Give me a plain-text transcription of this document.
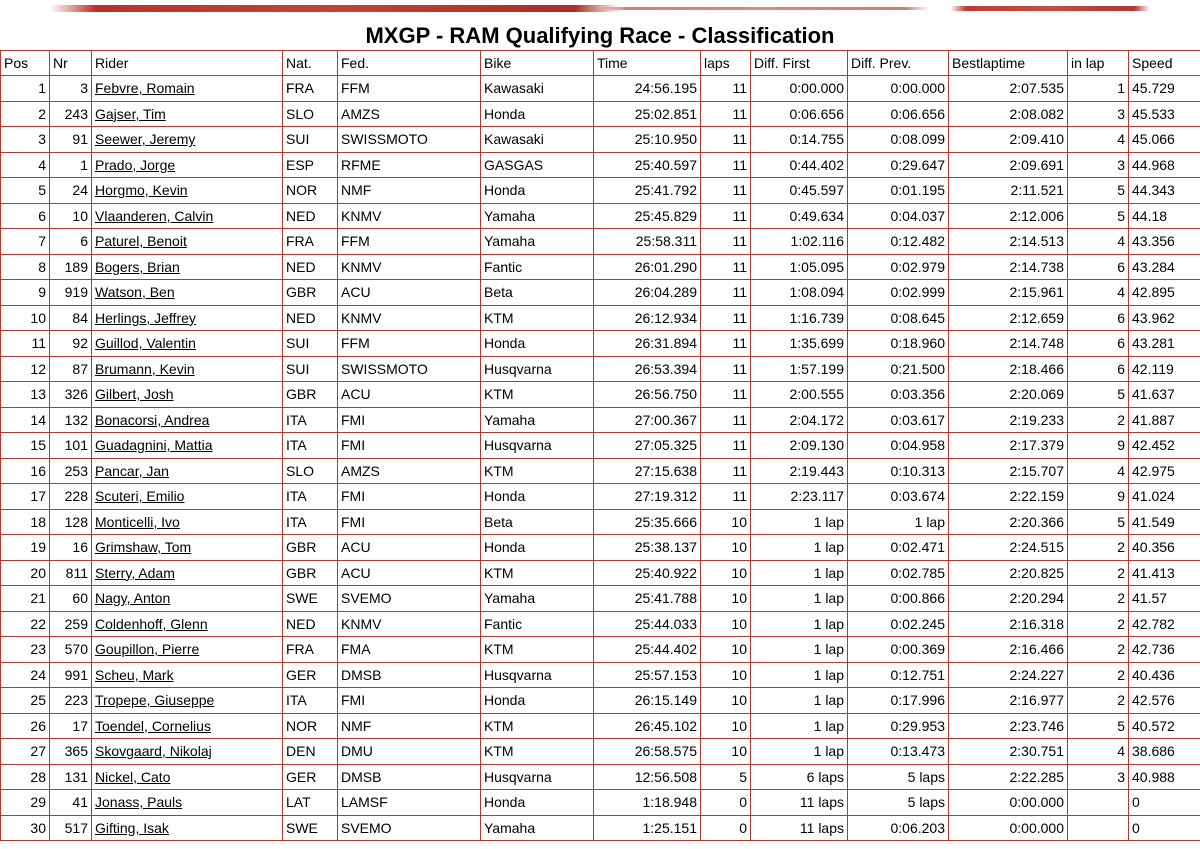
MXGP - RAM Qualifying Race - Classification
Pos	Nr	Rider	Nat.	Fed.	Bike	Time	laps	Diff. First	Diff. Prev.	Bestlaptime	in lap	Speed
1	3	Febvre, Romain	FRA	FFM	Kawasaki	24:56.195	11	0:00.000	0:00.000	2:07.535	1	45.729
2	243	Gajser, Tim	SLO	AMZS	Honda	25:02.851	11	0:06.656	0:06.656	2:08.082	3	45.533
3	91	Seewer, Jeremy	SUI	SWISSMOTO	Kawasaki	25:10.950	11	0:14.755	0:08.099	2:09.410	4	45.066
4	1	Prado, Jorge	ESP	RFME	GASGAS	25:40.597	11	0:44.402	0:29.647	2:09.691	3	44.968
5	24	Horgmo, Kevin	NOR	NMF	Honda	25:41.792	11	0:45.597	0:01.195	2:11.521	5	44.343
6	10	Vlaanderen, Calvin	NED	KNMV	Yamaha	25:45.829	11	0:49.634	0:04.037	2:12.006	5	44.18
7	6	Paturel, Benoit	FRA	FFM	Yamaha	25:58.311	11	1:02.116	0:12.482	2:14.513	4	43.356
8	189	Bogers, Brian	NED	KNMV	Fantic	26:01.290	11	1:05.095	0:02.979	2:14.738	6	43.284
9	919	Watson, Ben	GBR	ACU	Beta	26:04.289	11	1:08.094	0:02.999	2:15.961	4	42.895
10	84	Herlings, Jeffrey	NED	KNMV	KTM	26:12.934	11	1:16.739	0:08.645	2:12.659	6	43.962
11	92	Guillod, Valentin	SUI	FFM	Honda	26:31.894	11	1:35.699	0:18.960	2:14.748	6	43.281
12	87	Brumann, Kevin	SUI	SWISSMOTO	Husqvarna	26:53.394	11	1:57.199	0:21.500	2:18.466	6	42.119
13	326	Gilbert, Josh	GBR	ACU	KTM	26:56.750	11	2:00.555	0:03.356	2:20.069	5	41.637
14	132	Bonacorsi, Andrea	ITA	FMI	Yamaha	27:00.367	11	2:04.172	0:03.617	2:19.233	2	41.887
15	101	Guadagnini, Mattia	ITA	FMI	Husqvarna	27:05.325	11	2:09.130	0:04.958	2:17.379	9	42.452
16	253	Pancar, Jan	SLO	AMZS	KTM	27:15.638	11	2:19.443	0:10.313	2:15.707	4	42.975
17	228	Scuteri, Emilio	ITA	FMI	Honda	27:19.312	11	2:23.117	0:03.674	2:22.159	9	41.024
18	128	Monticelli, Ivo	ITA	FMI	Beta	25:35.666	10	1 lap	1 lap	2:20.366	5	41.549
19	16	Grimshaw, Tom	GBR	ACU	Honda	25:38.137	10	1 lap	0:02.471	2:24.515	2	40.356
20	811	Sterry, Adam	GBR	ACU	KTM	25:40.922	10	1 lap	0:02.785	2:20.825	2	41.413
21	60	Nagy, Anton	SWE	SVEMO	Yamaha	25:41.788	10	1 lap	0:00.866	2:20.294	2	41.57
22	259	Coldenhoff, Glenn	NED	KNMV	Fantic	25:44.033	10	1 lap	0:02.245	2:16.318	2	42.782
23	570	Goupillon, Pierre	FRA	FMA	KTM	25:44.402	10	1 lap	0:00.369	2:16.466	2	42.736
24	991	Scheu, Mark	GER	DMSB	Husqvarna	25:57.153	10	1 lap	0:12.751	2:24.227	2	40.436
25	223	Tropepe, Giuseppe	ITA	FMI	Honda	26:15.149	10	1 lap	0:17.996	2:16.977	2	42.576
26	17	Toendel, Cornelius	NOR	NMF	KTM	26:45.102	10	1 lap	0:29.953	2:23.746	5	40.572
27	365	Skovgaard, Nikolaj	DEN	DMU	KTM	26:58.575	10	1 lap	0:13.473	2:30.751	4	38.686
28	131	Nickel, Cato	GER	DMSB	Husqvarna	12:56.508	5	6 laps	5 laps	2:22.285	3	40.988
29	41	Jonass, Pauls	LAT	LAMSF	Honda	1:18.948	0	11 laps	5 laps	0:00.000		0
30	517	Gifting, Isak	SWE	SVEMO	Yamaha	1:25.151	0	11 laps	0:06.203	0:00.000		0
